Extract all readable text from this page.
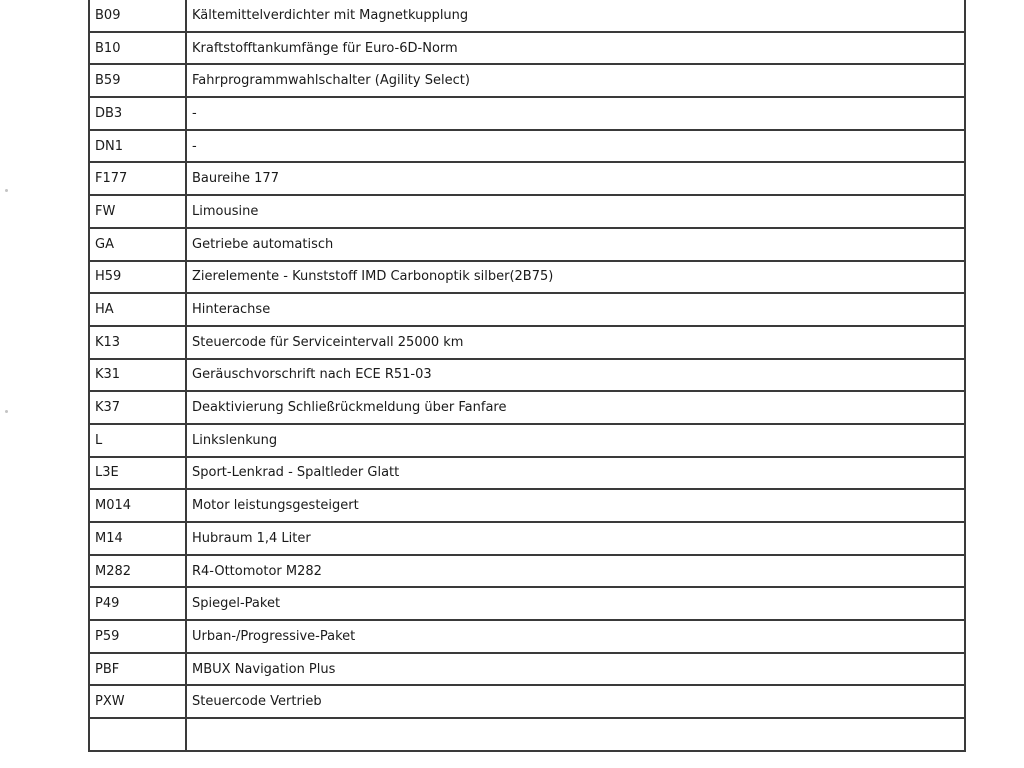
B09	Kältemittelverdichter mit Magnetkupplung
B10	Kraftstofftankumfänge für Euro-6D-Norm
B59	Fahrprogrammwahlschalter (Agility Select)
DB3	-
DN1	-
F177	Baureihe 177
FW	Limousine
GA	Getriebe automatisch
H59	Zierelemente - Kunststoff IMD Carbonoptik silber(2B75)
HA	Hinterachse
K13	Steuercode für Serviceintervall 25000 km
K31	Geräuschvorschrift nach ECE R51-03
K37	Deaktivierung Schließrückmeldung über Fanfare
L	Linkslenkung
L3E	Sport-Lenkrad - Spaltleder Glatt
M014	Motor leistungsgesteigert
M14	Hubraum 1,4 Liter
M282	R4-Ottomotor M282
P49	Spiegel-Paket
P59	Urban-/Progressive-Paket
PBF	MBUX Navigation Plus
PXW	Steuercode Vertrieb
